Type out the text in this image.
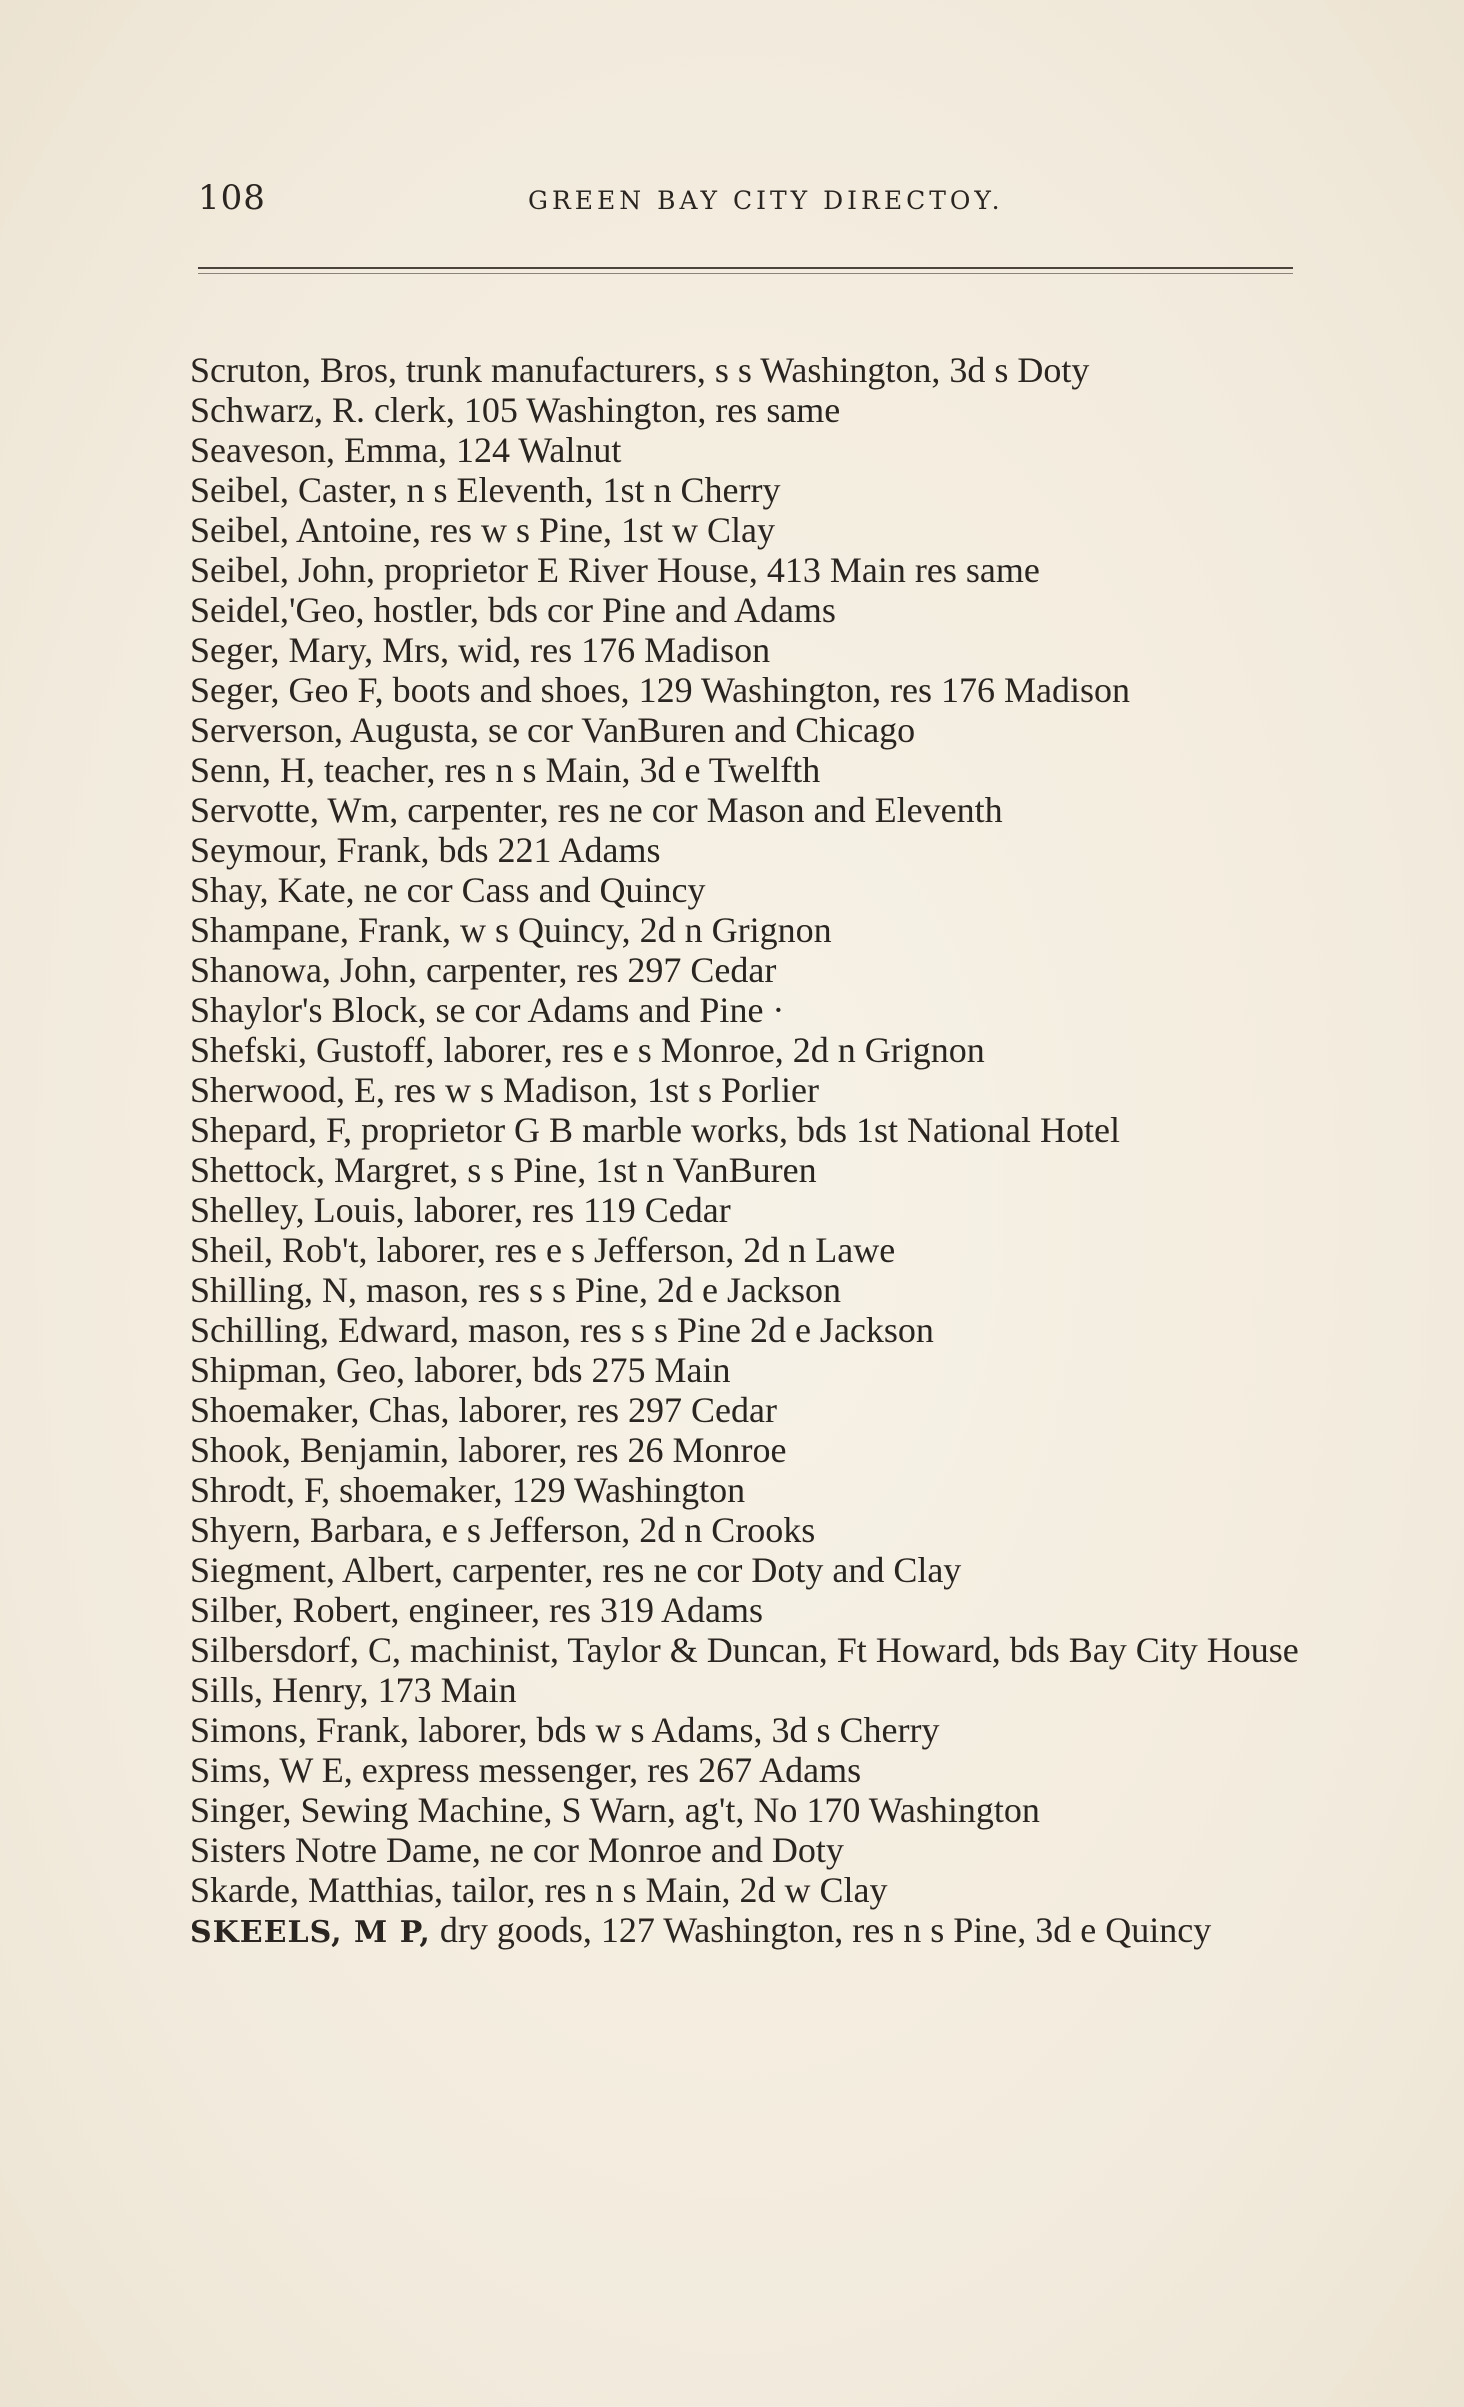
108	GREEN BAY CITY DIRECTOY.

Scruton, Bros, trunk manufacturers, s s Washington, 3d s Doty

Schwarz, R. clerk, 105 Washington, res same

Seaveson, Emma, 124 Walnut

Seibel, Caster, n s Eleventh, 1st n Cherry

Seibel, Antoine, res w s Pine, 1st w Clay

Seibel, John, proprietor E River House, 413 Main res same

Seidel,'Geo, hostler, bds cor Pine and Adams

Seger, Mary, Mrs, wid, res 176 Madison

Seger, Geo F, boots and shoes, 129 Washington, res 176 Madison

Serverson, Augusta, se cor VanBuren and Chicago

Senn, H, teacher, res n s Main, 3d e Twelfth

Servotte, Wm, carpenter, res ne cor Mason and Eleventh

Seymour, Frank, bds 221 Adams

Shay, Kate, ne cor Cass and Quincy

Shampane, Frank, w s Quincy, 2d n Grignon

Shanowa, John, carpenter, res 297 Cedar

Shaylor's Block, se cor Adams and Pine ·

Shefski, Gustoff, laborer, res e s Monroe, 2d n Grignon

Sherwood, E, res w s Madison, 1st s Porlier

Shepard, F, proprietor G B marble works, bds 1st National Hotel

Shettock, Margret, s s Pine, 1st n VanBuren

Shelley, Louis, laborer, res 119 Cedar

Sheil, Rob't, laborer, res e s Jefferson, 2d n Lawe

Shilling, N, mason, res s s Pine, 2d e Jackson

Schilling, Edward, mason, res s s Pine 2d e Jackson

Shipman, Geo, laborer, bds 275 Main

Shoemaker, Chas, laborer, res 297 Cedar

Shook, Benjamin, laborer, res 26 Monroe

Shrodt, F, shoemaker, 129 Washington

Shyern, Barbara, e s Jefferson, 2d n Crooks

Siegment, Albert, carpenter, res ne cor Doty and Clay

Silber, Robert, engineer, res 319 Adams

Silbersdorf, C, machinist, Taylor & Duncan, Ft Howard, bds Bay City House

Sills, Henry, 173 Main

Simons, Frank, laborer, bds w s Adams, 3d s Cherry

Sims, W E, express messenger, res 267 Adams

Singer, Sewing Machine, S Warn, ag't, No 170 Washington

Sisters Notre Dame, ne cor Monroe and Doty

Skarde, Matthias, tailor, res n s Main, 2d w Clay

SKEELS, M P, dry goods, 127 Washington, res n s Pine, 3d e Quincy
